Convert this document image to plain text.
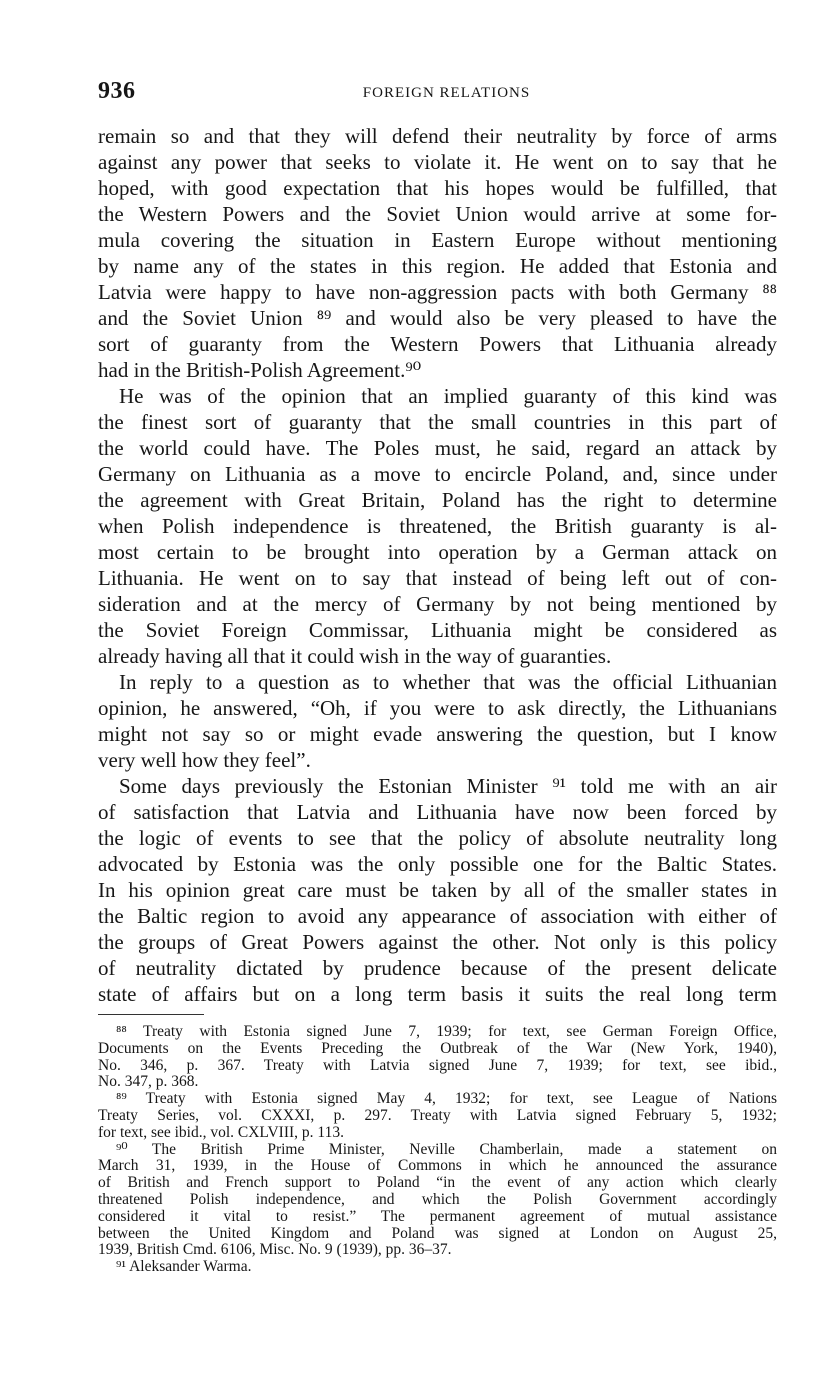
936	FOREIGN RELATIONS
remain so and that they will defend their neutrality by force of arms
against any power that seeks to violate it. He went on to say that he
hoped, with good expectation that his hopes would be fulfilled, that
the Western Powers and the Soviet Union would arrive at some for-
mula covering the situation in Eastern Europe without mentioning
by name any of the states in this region. He added that Estonia and
Latvia were happy to have non-aggression pacts with both Germany ⁸⁸
and the Soviet Union ⁸⁹ and would also be very pleased to have the
sort of guaranty from the Western Powers that Lithuania already
had in the British-Polish Agreement.⁹⁰
He was of the opinion that an implied guaranty of this kind was
the finest sort of guaranty that the small countries in this part of
the world could have. The Poles must, he said, regard an attack by
Germany on Lithuania as a move to encircle Poland, and, since under
the agreement with Great Britain, Poland has the right to determine
when Polish independence is threatened, the British guaranty is al-
most certain to be brought into operation by a German attack on
Lithuania. He went on to say that instead of being left out of con-
sideration and at the mercy of Germany by not being mentioned by
the Soviet Foreign Commissar, Lithuania might be considered as
already having all that it could wish in the way of guaranties.
In reply to a question as to whether that was the official Lithuanian
opinion, he answered, “Oh, if you were to ask directly, the Lithuanians
might not say so or might evade answering the question, but I know
very well how they feel”.
Some days previously the Estonian Minister ⁹¹ told me with an air
of satisfaction that Latvia and Lithuania have now been forced by
the logic of events to see that the policy of absolute neutrality long
advocated by Estonia was the only possible one for the Baltic States.
In his opinion great care must be taken by all of the smaller states in
the Baltic region to avoid any appearance of association with either of
the groups of Great Powers against the other. Not only is this policy
of neutrality dictated by prudence because of the present delicate
state of affairs but on a long term basis it suits the real long term
⁸⁸ Treaty with Estonia signed June 7, 1939; for text, see German Foreign Office,
Documents on the Events Preceding the Outbreak of the War (New York, 1940),
No. 346, p. 367. Treaty with Latvia signed June 7, 1939; for text, see ibid.,
No. 347, p. 368.
⁸⁹ Treaty with Estonia signed May 4, 1932; for text, see League of Nations
Treaty Series, vol. CXXXI, p. 297. Treaty with Latvia signed February 5, 1932;
for text, see ibid., vol. CXLVIII, p. 113.
⁹⁰ The British Prime Minister, Neville Chamberlain, made a statement on
March 31, 1939, in the House of Commons in which he announced the assurance
of British and French support to Poland “in the event of any action which clearly
threatened Polish independence, and which the Polish Government accordingly
considered it vital to resist.” The permanent agreement of mutual assistance
between the United Kingdom and Poland was signed at London on August 25,
1939, British Cmd. 6106, Misc. No. 9 (1939), pp. 36–37.
⁹¹ Aleksander Warma.
